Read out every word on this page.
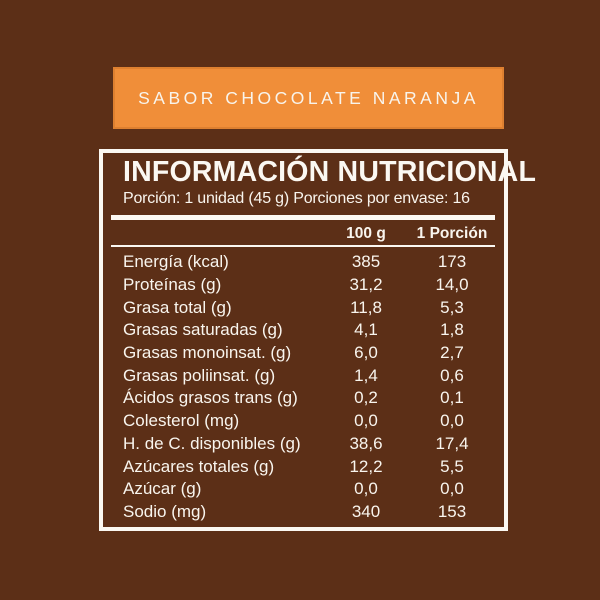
SABOR CHOCOLATE NARANJA
INFORMACIÓN NUTRICIONAL
Porción: 1 unidad (45 g) Porciones por envase: 16
100 g	1 Porción
Energía (kcal)	385	173
Proteínas (g)	31,2	14,0
Grasa total (g)	11,8	5,3
Grasas saturadas (g)	4,1	1,8
Grasas monoinsat. (g)	6,0	2,7
Grasas poliinsat. (g)	1,4	0,6
Ácidos grasos trans (g)	0,2	0,1
Colesterol (mg)	0,0	0,0
H. de C. disponibles (g)	38,6	17,4
Azúcares totales (g)	12,2	5,5
Azúcar (g)	0,0	0,0
Sodio (mg)	340	153
